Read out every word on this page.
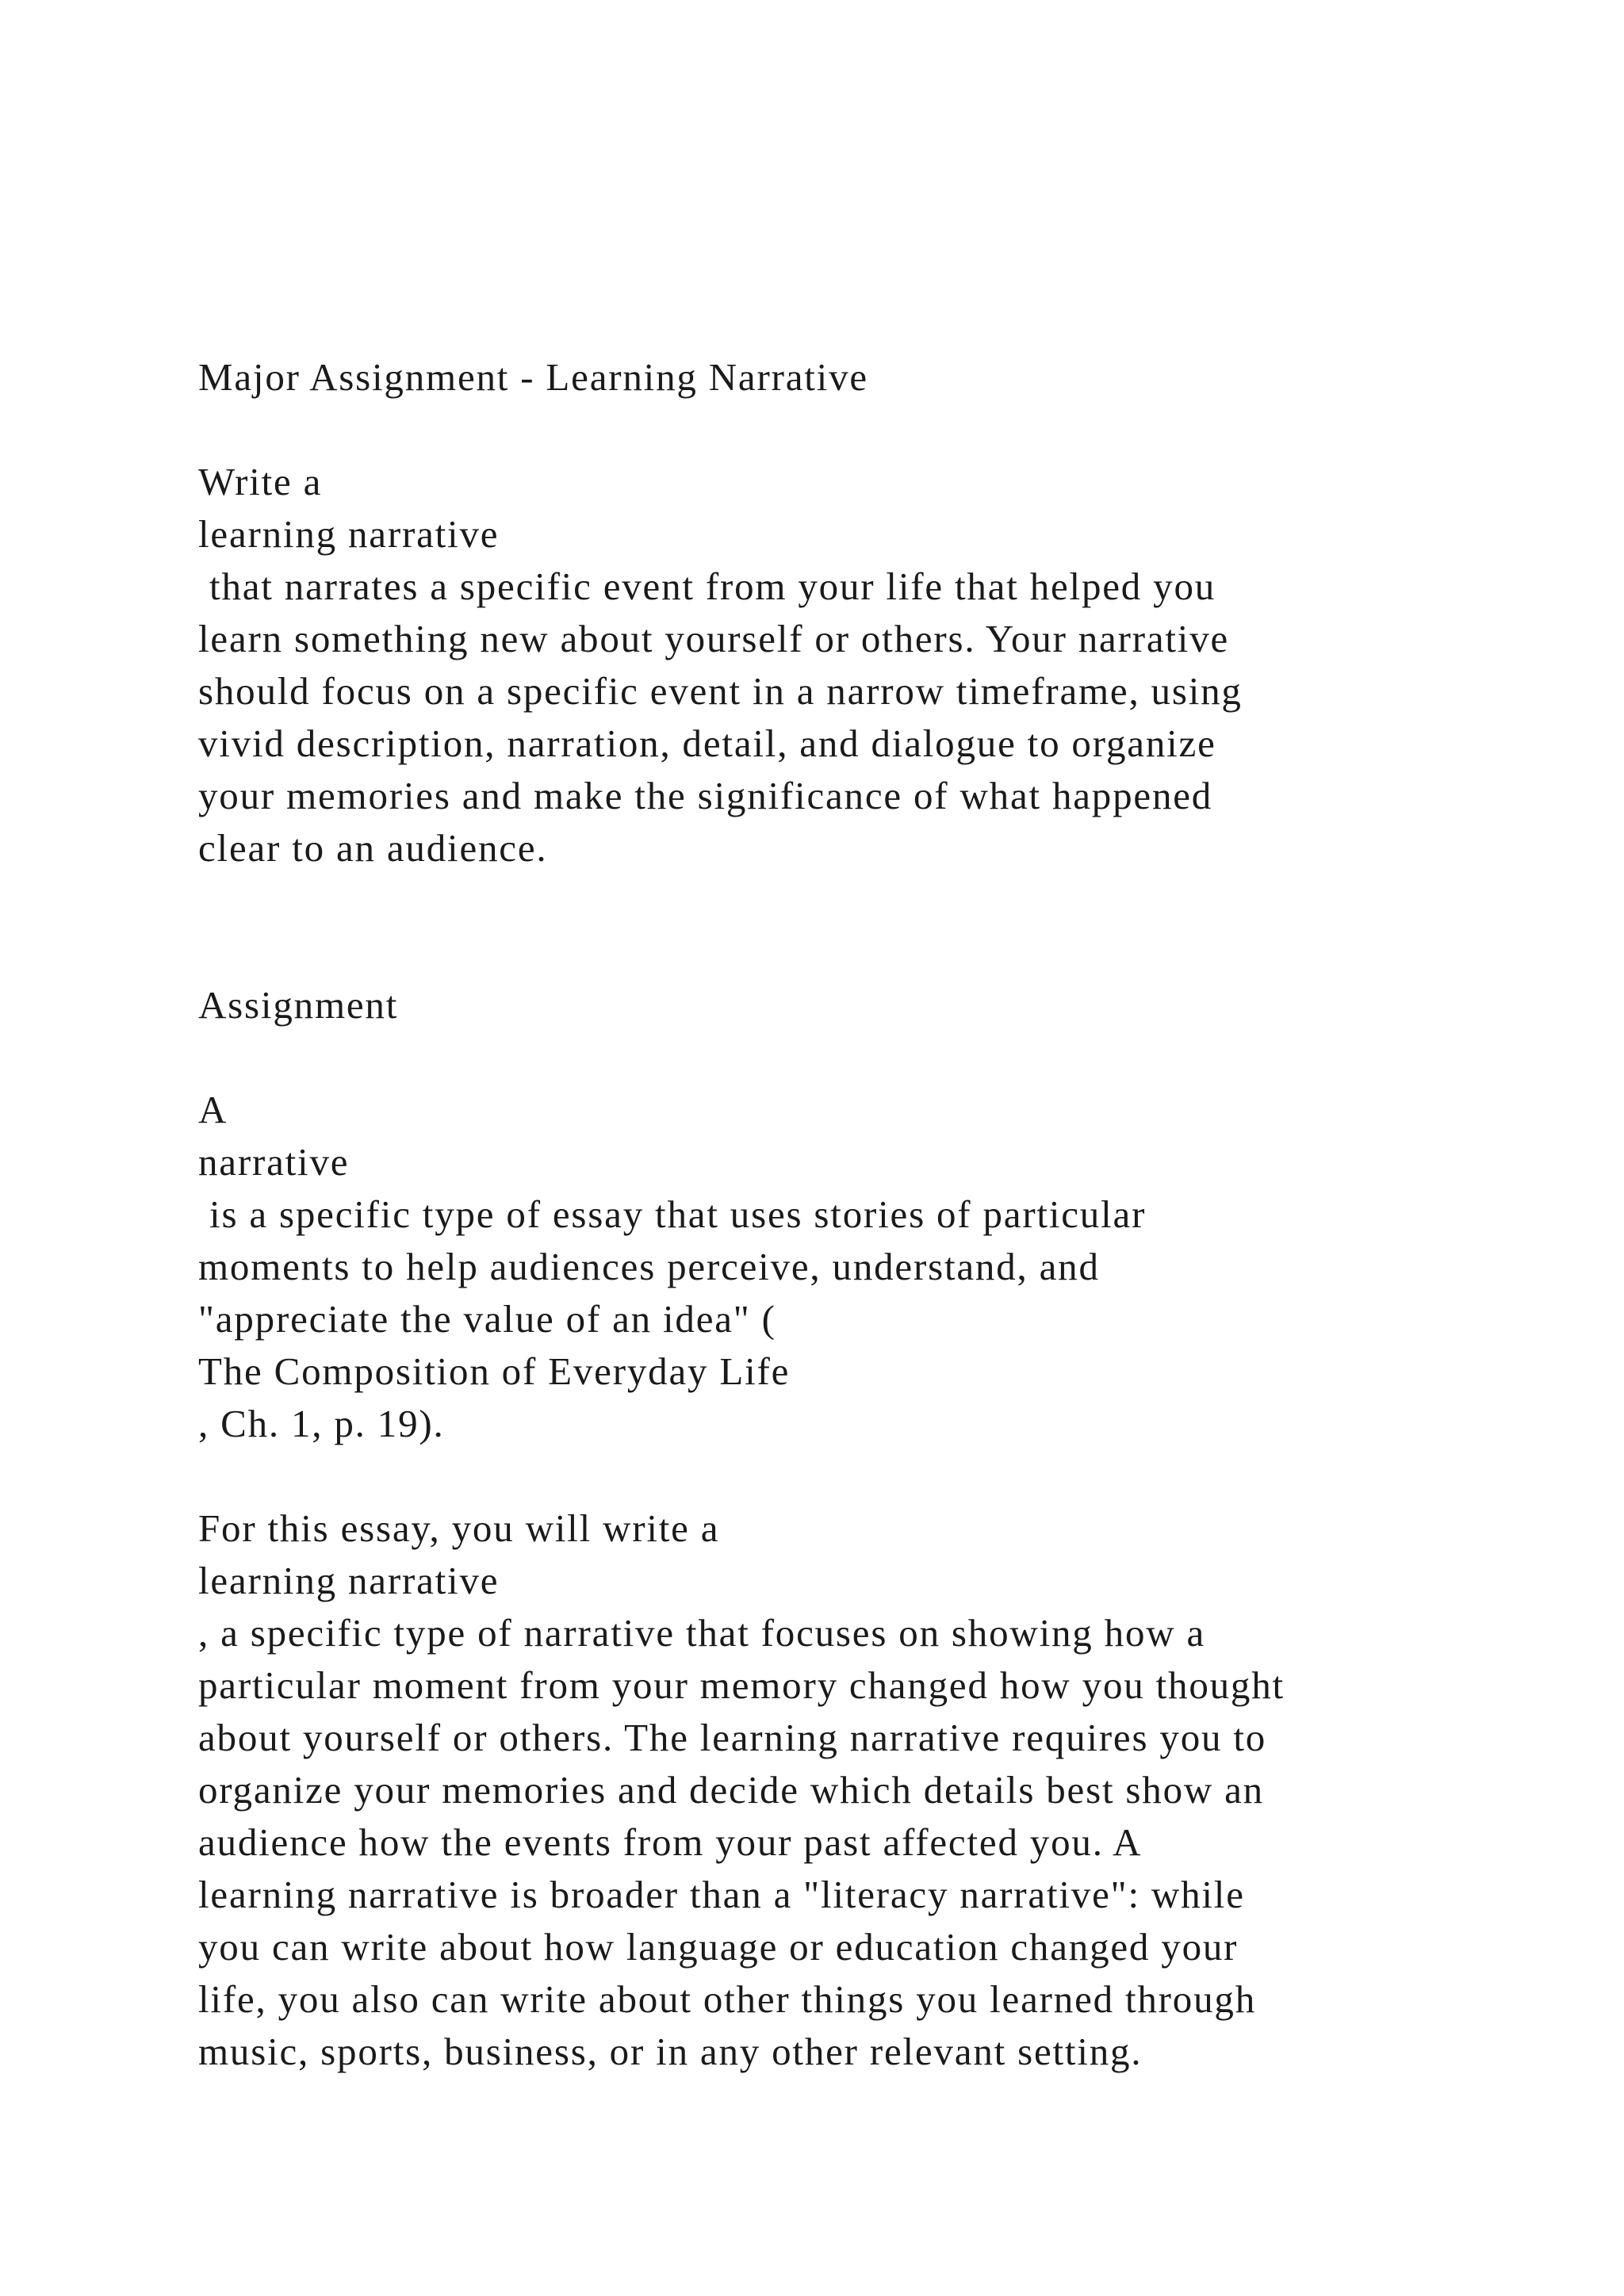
Major Assignment - Learning Narrative
Write a
learning narrative
that narrates a specific event from your life that helped you
learn something new about yourself or others. Your narrative
should focus on a specific event in a narrow timeframe, using
vivid description, narration, detail, and dialogue to organize
your memories and make the significance of what happened
clear to an audience.
Assignment
A
narrative
is a specific type of essay that uses stories of particular
moments to help audiences perceive, understand, and
"appreciate the value of an idea" (
The Composition of Everyday Life
, Ch. 1, p. 19).
For this essay, you will write a
learning narrative
, a specific type of narrative that focuses on showing how a
particular moment from your memory changed how you thought
about yourself or others. The learning narrative requires you to
organize your memories and decide which details best show an
audience how the events from your past affected you. A
learning narrative is broader than a "literacy narrative": while
you can write about how language or education changed your
life, you also can write about other things you learned through
music, sports, business, or in any other relevant setting.
